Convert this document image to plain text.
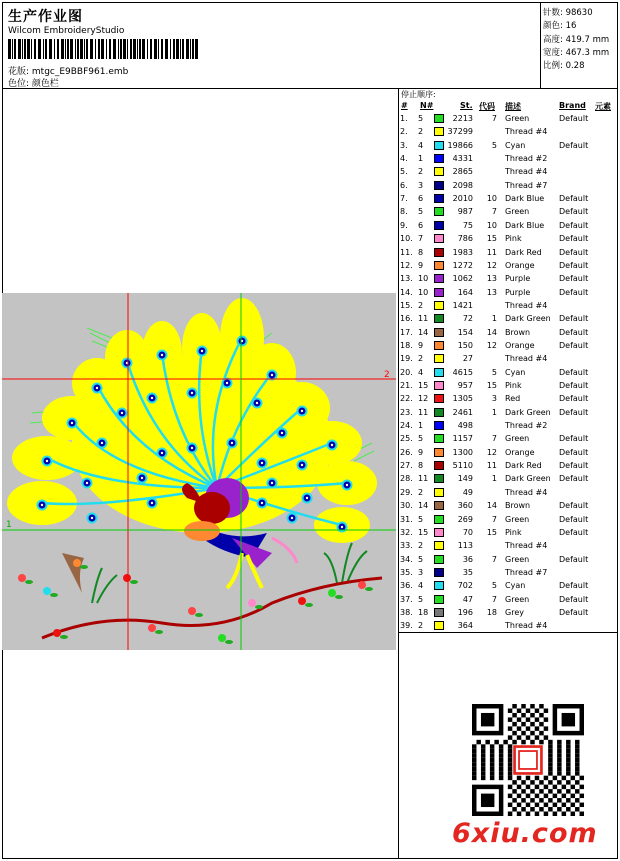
生产作业图
Wilcom EmbroideryStudio
花版: mtgc_E9BBF961.emb
色位: 颜色栏
针数: 98630
颜色: 16
高度: 419.7 mm
宽度: 467.3 mm
比例: 0.28
停止顺序:
# N#	St. 代码 描述	Brand 元素
1. 5	2213 7 Green	Default
2. 2	37299	Thread #4
3. 4	19866 5 Cyan	Default
4. 1	4331	Thread #2
5. 2	2865	Thread #4
6. 3	2098	Thread #7
7. 6	2010 10 Dark Blue Default
8. 5	987 7 Green	Default
9. 6	75 10 Dark Blue Default
10. 7	786 15 Pink	Default
11. 8	1983 11 Dark Red Default
12. 9	1272 12 Orange	Default
13. 10	1062 13 Purple	Default
14. 10	164 13 Purple	Default
15. 2	1421	Thread #4
16. 11	72 1 Dark Green Default
17. 14	154 14 Brown	Default
18. 9	150 12 Orange	Default
19. 2	27	Thread #4
20. 4	4615 5 Cyan	Default
21. 15	957 15 Pink	Default
22. 12	1305 3 Red	Default
23. 11	2461 1 Dark Green Default
24. 1	498	Thread #2
25. 5	1157 7 Green	Default
26. 9	1300 12 Orange	Default
27. 8	5110 11 Dark Red Default
28. 11	149 1 Dark Green Default
29. 2	49	Thread #4
30. 14	360 14 Brown	Default
31. 5	269 7 Green	Default
32. 15	70 15 Pink	Default
33. 2	113	Thread #4
34. 5	36 7 Green	Default
35. 3	35	Thread #7
36. 4	702 5 Cyan	Default
37. 5	47 7 Green	Default
38. 18	196 18 Grey	Default
39. 2	364	Thread #4
1
2
6xiu.com
